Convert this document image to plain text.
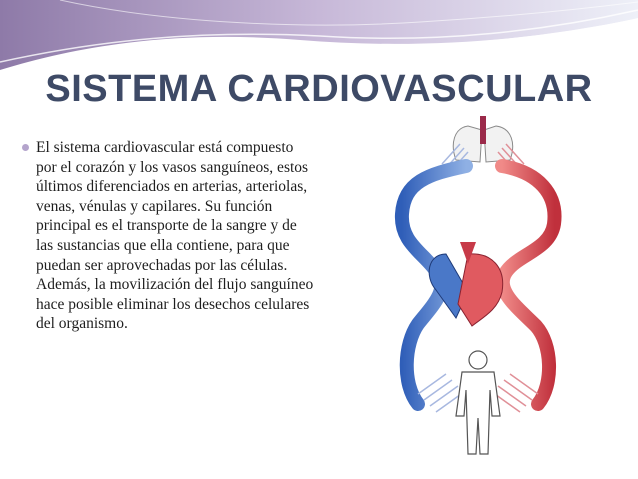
SISTEMA CARDIOVASCULAR
El sistema cardiovascular está compuesto por el corazón y los vasos sanguíneos, estos últimos diferenciados en arterias, arteriolas, venas, vénulas y capilares. Su función principal es el transporte de la sangre y de las sustancias que ella contiene, para que puedan ser aprovechadas por las células. Además, la movilización del flujo sanguíneo hace posible eliminar los desechos celulares del organismo.
